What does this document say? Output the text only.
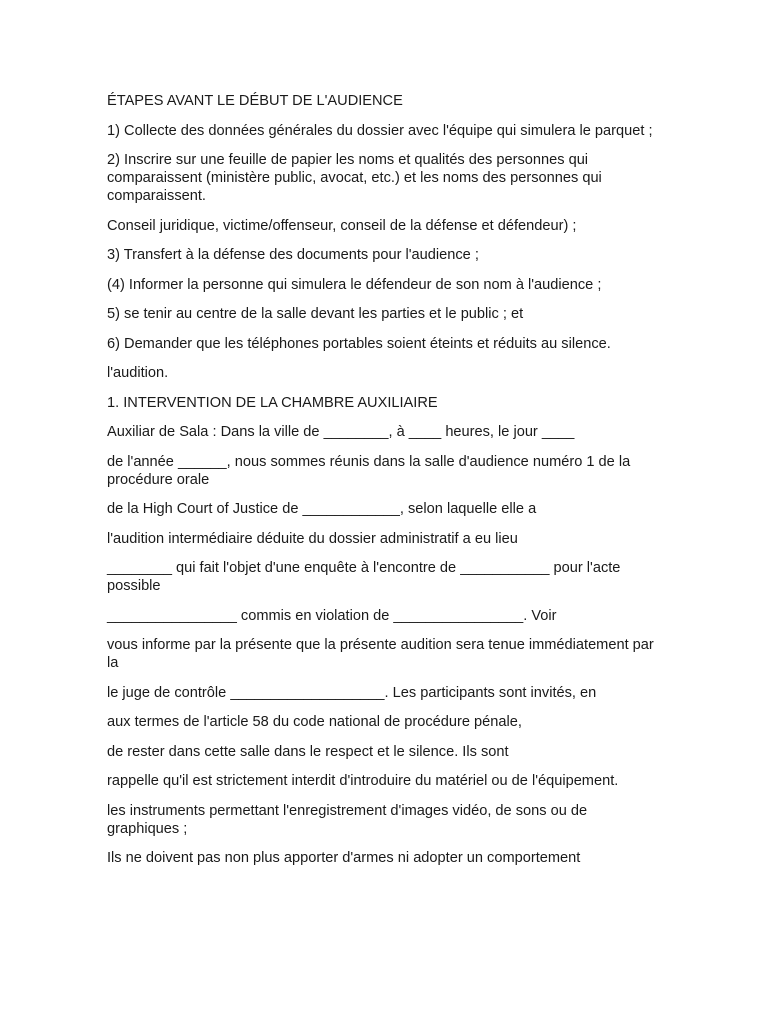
ÉTAPES AVANT LE DÉBUT DE L'AUDIENCE

1) Collecte des données générales du dossier avec l'équipe qui simulera le parquet ;

2) Inscrire sur une feuille de papier les noms et qualités des personnes qui comparaissent (ministère public, avocat, etc.) et les noms des personnes qui comparaissent.

Conseil juridique, victime/offenseur, conseil de la défense et défendeur) ;

3) Transfert à la défense des documents pour l'audience ;

(4) Informer la personne qui simulera le défendeur de son nom à l'audience ;

5) se tenir au centre de la salle devant les parties et le public ; et

6) Demander que les téléphones portables soient éteints et réduits au silence.

l'audition.

1. INTERVENTION DE LA CHAMBRE AUXILIAIRE

Auxiliar de Sala : Dans la ville de ________, à ____ heures, le jour ____

de l'année ______, nous sommes réunis dans la salle d'audience numéro 1 de la procédure orale

de la High Court of Justice de ____________, selon laquelle elle a

l'audition intermédiaire déduite du dossier administratif a eu lieu

________ qui fait l'objet d'une enquête à l'encontre de ___________ pour l'acte possible

________________ commis en violation de ________________. Voir

vous informe par la présente que la présente audition sera tenue immédiatement par la

le juge de contrôle ___________________. Les participants sont invités, en

aux termes de l'article 58 du code national de procédure pénale,

de rester dans cette salle dans le respect et le silence. Ils sont

rappelle qu'il est strictement interdit d'introduire du matériel ou de l'équipement.

les instruments permettant l'enregistrement d'images vidéo, de sons ou de graphiques ;

Ils ne doivent pas non plus apporter d'armes ni adopter un comportement
